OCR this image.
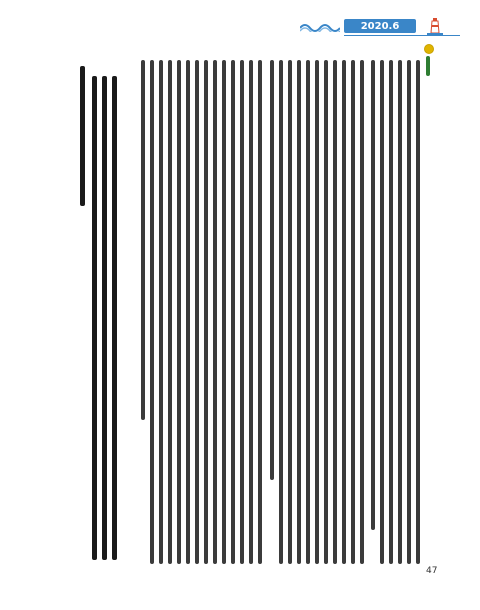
2020.6
47
